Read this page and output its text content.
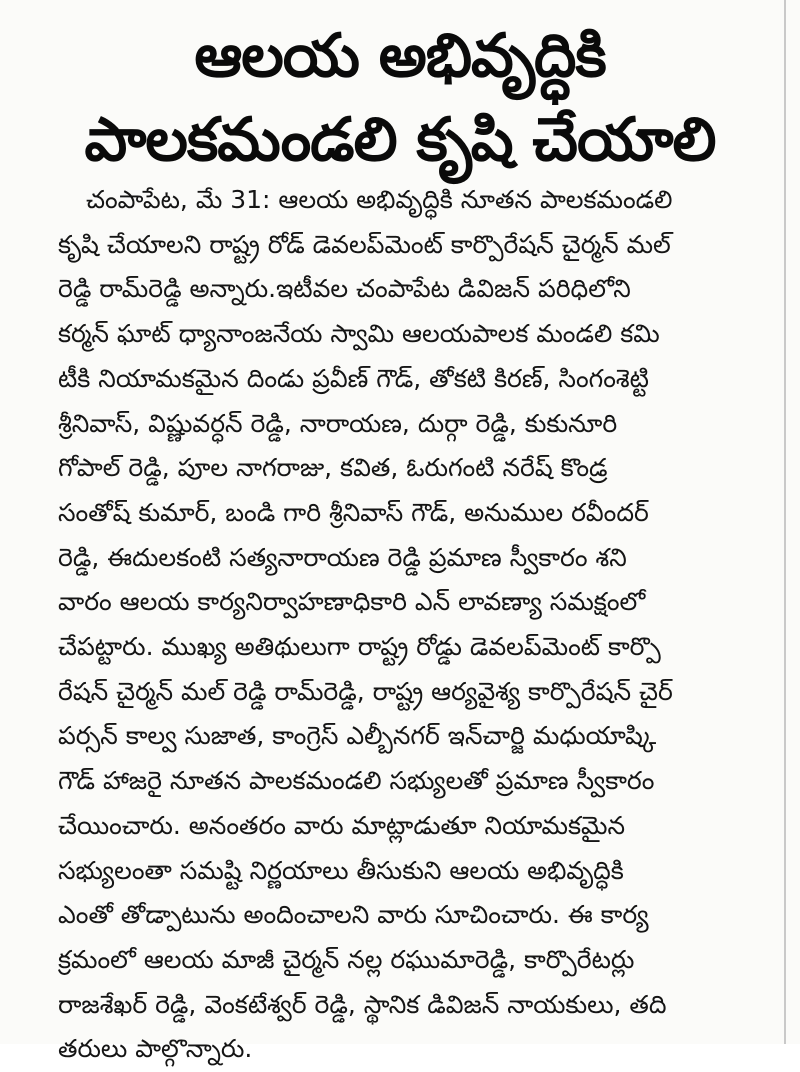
ఆలయ అభివృద్ధికి
పాలకమండలి కృషి చేయాలి
చంపాపేట, మే 31: ఆలయ అభివృద్ధికి నూతన పాలకమండలి
కృషి చేయాలని రాష్ట్ర రోడ్ డెవలప్‌మెంట్ కార్పొరేషన్ చైర్మన్ మల్
రెడ్డి రామ్‌రెడ్డి అన్నారు.ఇటీవల చంపాపేట డివిజన్ పరిధిలోని
కర్మన్ ఘాట్ ధ్యానాంజనేయ స్వామి ఆలయపాలక మండలి కమి
టీకి నియామకమైన దిండు ప్రవీణ్ గౌడ్, తోకటి కిరణ్, సింగంశెట్టి
శ్రీనివాస్, విష్ణువర్ధన్ రెడ్డి, నారాయణ, దుర్గా రెడ్డి, కుకునూరి
గోపాల్ రెడ్డి, పూల నాగరాజు, కవిత, ఓరుగంటి నరేష్ కొండ్ర
సంతోష్ కుమార్, బండి గారి శ్రీనివాస్ గౌడ్, అనుముల రవీందర్
రెడ్డి, ఈదులకంటి సత్యనారాయణ రెడ్డి ప్రమాణ స్వీకారం శని
వారం ఆలయ కార్యనిర్వాహణాధికారి ఎన్ లావణ్యా సమక్షంలో
చేపట్టారు. ముఖ్య అతిథులుగా రాష్ట్ర రోడ్డు డెవలప్‌మెంట్ కార్పొ
రేషన్ చైర్మన్ మల్ రెడ్డి రామ్‌రెడ్డి, రాష్ట్ర ఆర్యవైశ్య కార్పొరేషన్ చైర్
పర్సన్ కాల్వ సుజాత, కాంగ్రెస్ ఎల్బీనగర్ ఇన్‌చార్జి మధుయాష్కి
గౌడ్ హాజరై నూతన పాలకమండలి సభ్యులతో ప్రమాణ స్వీకారం
చేయించారు. అనంతరం వారు మాట్లాడుతూ నియామకమైన
సభ్యులంతా సమష్టి నిర్ణయాలు తీసుకుని ఆలయ అభివృద్ధికి
ఎంతో తోడ్పాటును అందించాలని వారు సూచించారు. ఈ కార్య
క్రమంలో ఆలయ మాజీ చైర్మన్ నల్ల రఘుమారెడ్డి, కార్పొరేటర్లు
రాజశేఖర్ రెడ్డి, వెంకటేశ్వర్ రెడ్డి, స్థానిక డివిజన్ నాయకులు, తది
తరులు పాల్గొన్నారు.
